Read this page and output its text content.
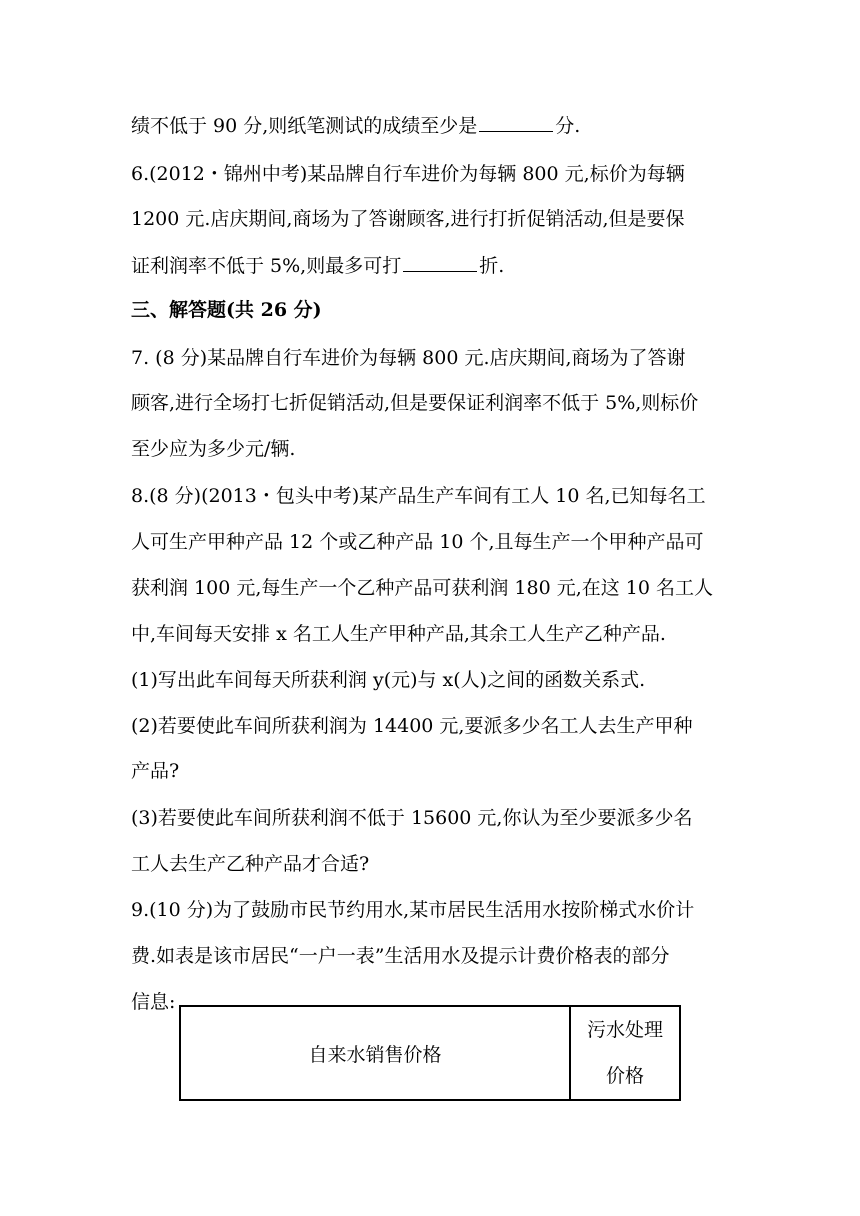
绩不低于 90 分,则纸笔测试的成绩至少是	分.
6.(2012・锦州中考)某品牌自行车进价为每辆 800 元,标价为每辆
1200 元.店庆期间,商场为了答谢顾客,进行打折促销活动,但是要保
证利润率不低于 5%,则最多可打	折.
三、解答题(共 26 分)
7. (8 分)某品牌自行车进价为每辆 800 元.店庆期间,商场为了答谢
顾客,进行全场打七折促销活动,但是要保证利润率不低于 5%,则标价
至少应为多少元/辆.
8.(8 分)(2013・包头中考)某产品生产车间有工人 10 名,已知每名工
人可生产甲种产品 12 个或乙种产品 10 个,且每生产一个甲种产品可
获利润 100 元,每生产一个乙种产品可获利润 180 元,在这 10 名工人
中,车间每天安排 x 名工人生产甲种产品,其余工人生产乙种产品.
(1)写出此车间每天所获利润 y(元)与 x(人)之间的函数关系式.
(2)若要使此车间所获利润为 14400 元,要派多少名工人去生产甲种
产品?
(3)若要使此车间所获利润不低于 15600 元,你认为至少要派多少名
工人去生产乙种产品才合适?
9.(10 分)为了鼓励市民节约用水,某市居民生活用水按阶梯式水价计
费.如表是该市居民“一户一表”生活用水及提示计费价格表的部分
信息:
自来水销售价格	污水处理
价格
